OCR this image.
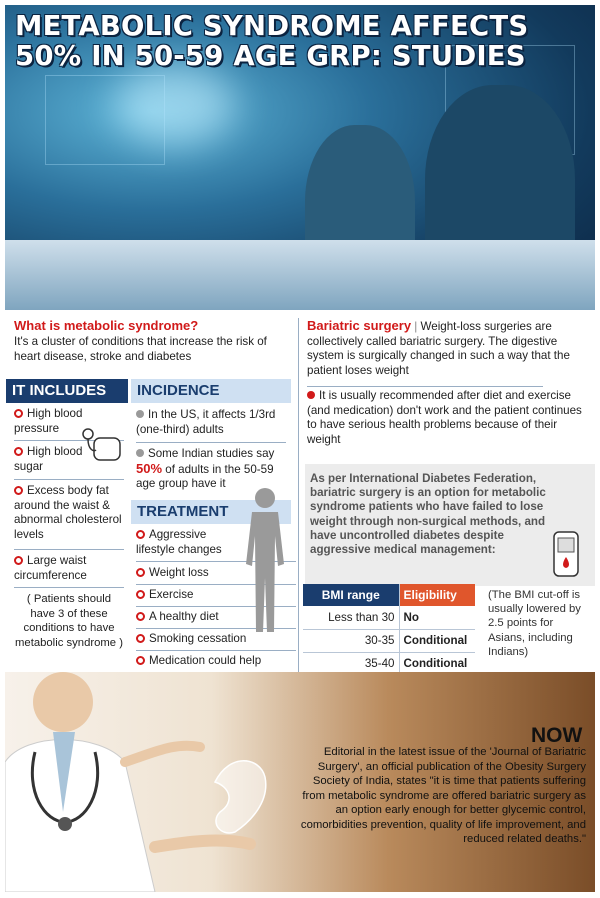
METABOLIC SYNDROME AFFECTS
50% IN 50-59 AGE GRP: STUDIES
What is metabolic syndrome?
It's a cluster of conditions that increase the risk of heart disease, stroke and diabetes
IT INCLUDES
High blood pressure
High blood sugar
Excess body fat around the waist & abnormal cholesterol levels
Large waist circumference
( Patients should have 3 of these conditions to have metabolic syndrome )
INCIDENCE
In the US, it affects 1/3rd (one-third) adults
Some Indian studies say 50% of adults in the 50-59 age group have it
TREATMENT
Aggressive lifestyle changes
Weight loss
Exercise
A healthy diet
Smoking cessation
Medication could help
Bariatric surgery | Weight-loss surgeries are collectively called bariatric surgery. The digestive system is surgically changed in such a way that the patient loses weight
It is usually recommended after diet and exercise (and medication) don't work and the patient continues to have serious health problems because of their weight
As per International Diabetes Federation, bariatric surgery is an option for metabolic syndrome patients who have failed to lose weight through non-surgical methods, and have uncontrolled diabetes despite aggressive medical management:
BMI range	Eligibility
Less than 30	No
30-35	Conditional
35-40	Conditional

(The BMI cut-off is usually lowered by 2.5 points for Asians, including Indians)
NOW
Editorial in the latest issue of the 'Journal of Bariatric Surgery', an official publication of the Obesity Surgery Society of India, states "it is time that patients suffering from metabolic syndrome are offered bariatric surgery as an option early enough for better glycemic control, comorbidities prevention, quality of life improvement, and reduced related deaths."
